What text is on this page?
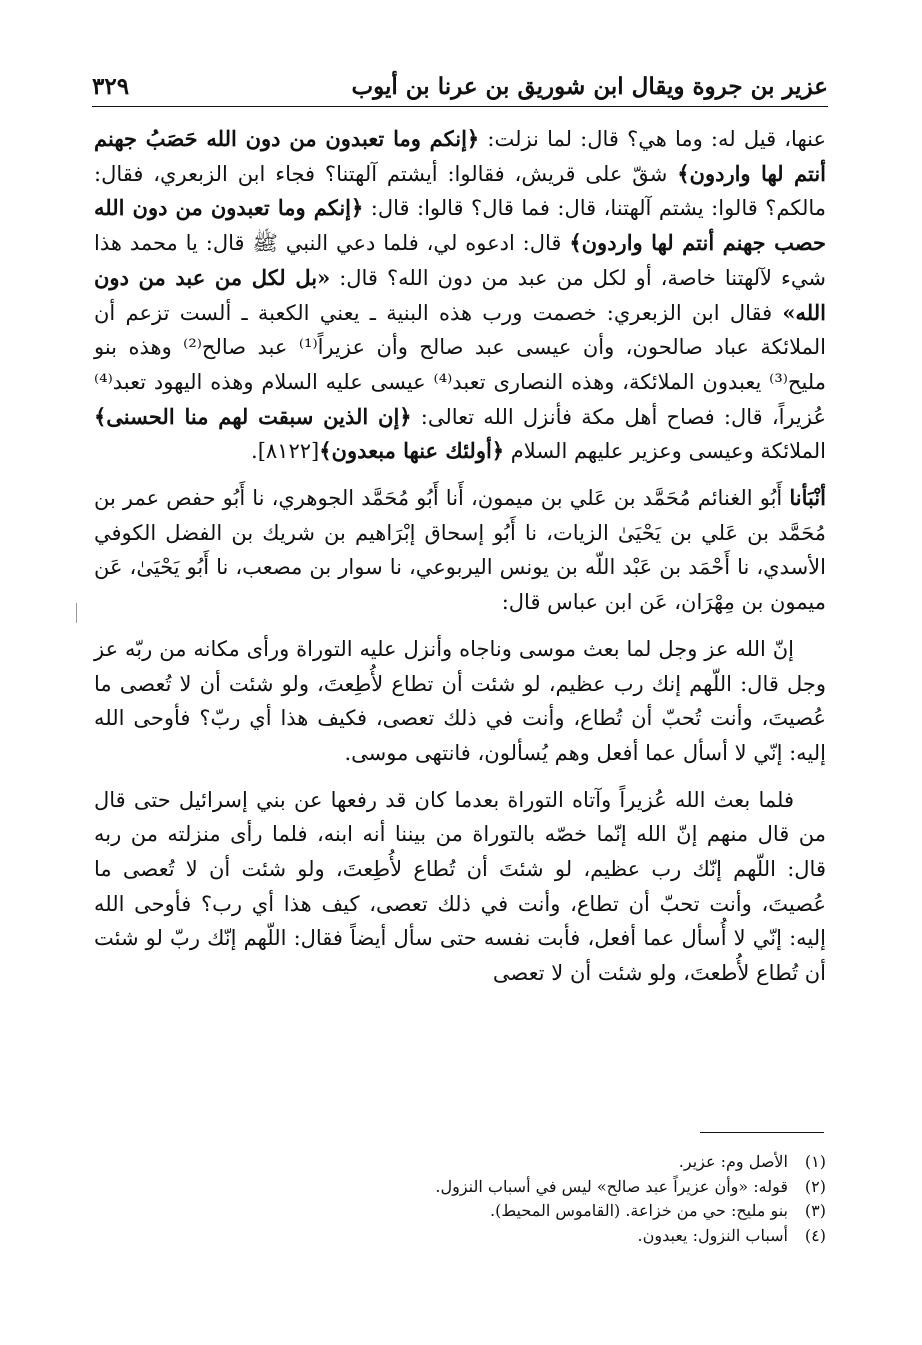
٣٢٩	عزير بن جروة ويقال ابن شوريق بن عرنا بن أيوب

عنها، قيل له: وما هي؟ قال: لما نزلت: ﴿إنكم وما تعبدون من دون الله حَصَبُ جهنم أنتم لها واردون﴾ شقّ على قريش، فقالوا: أيشتم آلهتنا؟ فجاء ابن الزبعري، فقال: مالكم؟ قالوا: يشتم آلهتنا، قال: فما قال؟ قالوا: قال: ﴿إنكم وما تعبدون من دون الله حصب جهنم أنتم لها واردون﴾ قال: ادعوه لي، فلما دعي النبي ﷺ قال: يا محمد هذا شيء لآلهتنا خاصة، أو لكل من عبد من دون الله؟ قال: «بل لكل من عبد من دون الله» فقال ابن الزبعري: خصمت ورب هذه البنية ـ يعني الكعبة ـ ألست تزعم أن الملائكة عباد صالحون، وأن عيسى عبد صالح وأن عزيراً⁽¹⁾ عبد صالح⁽²⁾ وهذه بنو مليح⁽³⁾ يعبدون الملائكة، وهذه النصارى تعبد⁽⁴⁾ عيسى عليه السلام وهذه اليهود تعبد⁽⁴⁾ عُزيراً، قال: فصاح أهل مكة فأنزل الله تعالى: ﴿إن الذين سبقت لهم منا الحسنى﴾ الملائكة وعيسى وعزير عليهم السلام ﴿أولئك عنها مبعدون﴾[٨١٢٢].

أنْبَأنا أَبُو الغنائم مُحَمَّد بن عَلي بن ميمون، أَنا أَبُو مُحَمَّد الجوهري، نا أَبُو حفص عمر بن مُحَمَّد بن عَلي بن يَحْيَىٰ الزيات، نا أَبُو إسحاق إبْرَاهيم بن شريك بن الفضل الكوفي الأسدي، نا أَحْمَد بن عَبْد اللّه بن يونس اليربوعي، نا سوار بن مصعب، نا أَبُو يَحْيَىٰ، عَن ميمون بن مِهْرَان، عَن ابن عباس قال:

إنّ الله عز وجل لما بعث موسى وناجاه وأنزل عليه التوراة ورأى مكانه من ربّه عز وجل قال: اللّهم إنك رب عظيم، لو شئت أن تطاع لأُطِعتَ، ولو شئت أن لا تُعصى ما عُصيتَ، وأنت تُحبّ أن تُطاع، وأنت في ذلك تعصى، فكيف هذا أي ربّ؟ فأوحى الله إليه: إنّي لا أسأل عما أفعل وهم يُسألون، فانتهى موسى.

فلما بعث الله عُزيراً وآتاه التوراة بعدما كان قد رفعها عن بني إسرائيل حتى قال من قال منهم إنّ الله إنّما خصّه بالتوراة من بيننا أنه ابنه، فلما رأى منزلته من ربه قال: اللّهم إنّك رب عظيم، لو شئتَ أن تُطاع لأُطِعتَ، ولو شئت أن لا تُعصى ما عُصيتَ، وأنت تحبّ أن تطاع، وأنت في ذلك تعصى، كيف هذا أي رب؟ فأوحى الله إليه: إنّي لا أُسأل عما أفعل، فأبت نفسه حتى سأل أيضاً فقال: اللّهم إنّك ربّ لو شئت أن تُطاع لأُطعتَ، ولو شئت أن لا تعصى

(١)
الأصل وم: عزير.
(٢)
قوله: «وأن عزيراً عبد صالح» ليس في أسباب النزول.
(٣)
بنو مليح: حي من خزاعة. (القاموس المحيط).
(٤)
أسباب النزول: يعبدون.
